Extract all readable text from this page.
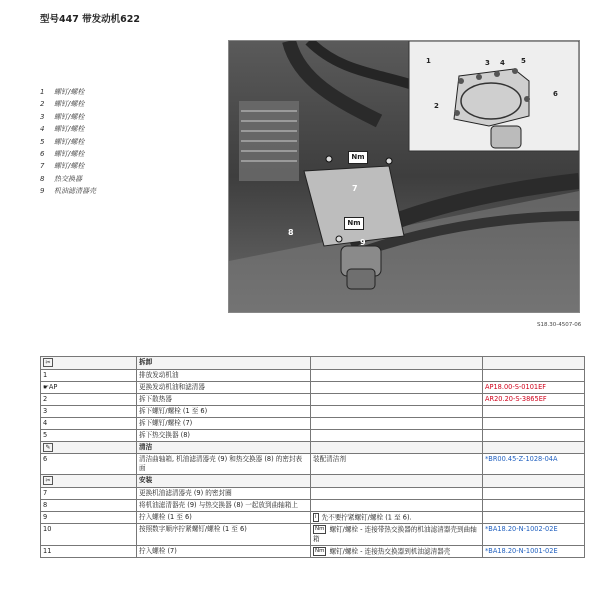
型号447 带发动机622
1	螺钉/螺栓
2	螺钉/螺栓
3	螺钉/螺栓
4	螺钉/螺栓
5	螺钉/螺栓
6	螺钉/螺栓
7	螺钉/螺栓
8	热交换器
9	机油滤清器壳
Nm
7
Nm
8
9
1
2
3 4 5
6
S18.30-4507-06
✂	拆卸		
1	排放发动机油		
☛AP	更换发动机油和滤清器		AP18.00-S-0101EF
2	拆下散热器		AR20.20-S-3865EF
3	拆下螺钉/螺栓 (1 至 6)		
4	拆下螺钉/螺栓 (7)		
5	拆下热交换器 (8)		
✎	清洁		
6	清洁曲轴箱, 机油滤清器壳 (9) 和热交换器 (8) 的密封表面	装配清洁剂	*BR00.45-Z-1028-04A
✂	安装		
7	更换机油滤清器壳 (9) 的密封圈		
8	将机油滤清器壳 (9) 与热交换器 (8) 一起放到曲轴箱上		
9	拧入螺栓 (1 至 6)	i 先不要拧紧螺钉/螺栓 (1 至 6).	
10	按照数字顺序拧紧螺钉/螺栓 (1 至 6)	Nm 螺钉/螺栓 - 连接带热交换器的机油滤清器壳到曲轴箱	*BA18.20-N-1002-02E
11	拧入螺栓 (7)	Nm 螺钉/螺栓 - 连接热交换器到机油滤清器壳	*BA18.20-N-1001-02E
